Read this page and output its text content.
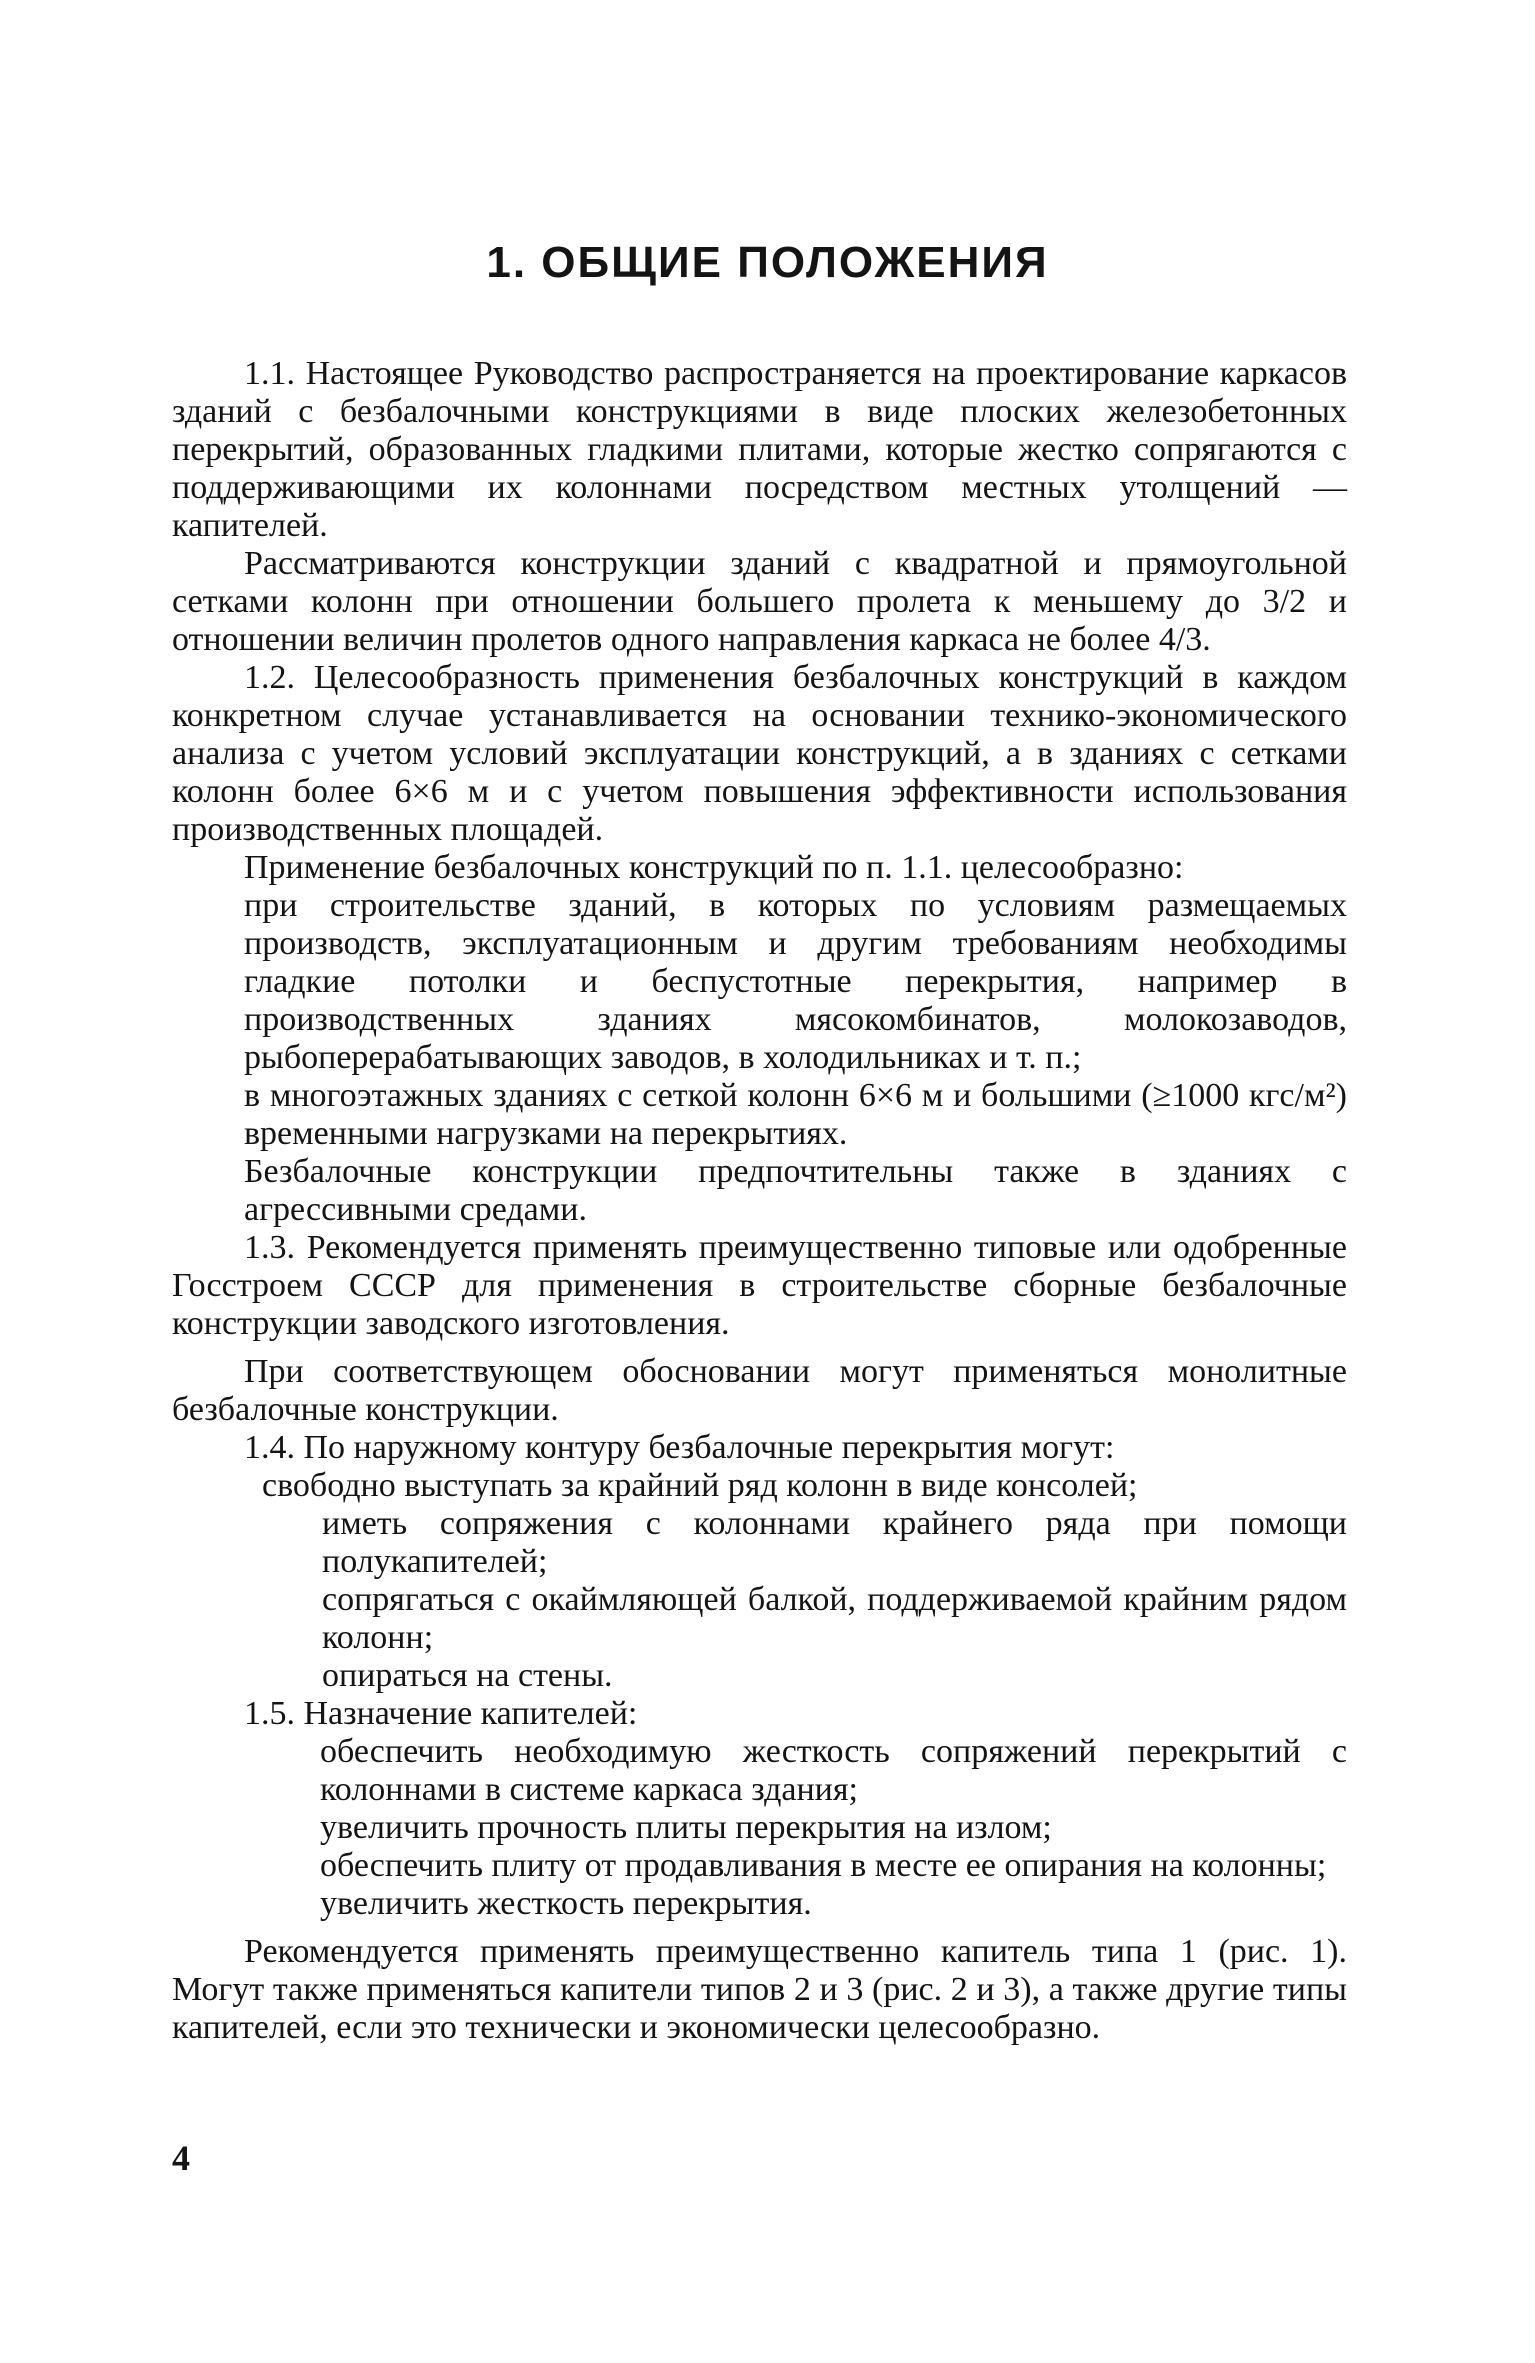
1. ОБЩИЕ ПОЛОЖЕНИЯ

1.1. Настоящее Руководство распространяется на проектирование каркасов зданий с безбалочными конструкциями в виде плоских железобетонных перекрытий, образованных гладкими плитами, которые жестко сопрягаются с поддерживающими их колоннами посредством местных утолщений — капителей.

Рассматриваются конструкции зданий с квадратной и прямоугольной сетками колонн при отношении большего пролета к меньшему до 3/2 и отношении величин пролетов одного направления каркаса не более 4/3.

1.2. Целесообразность применения безбалочных конструкций в каждом конкретном случае устанавливается на основании технико-экономического анализа с учетом условий эксплуатации конструкций, а в зданиях с сетками колонн более 6×6 м и с учетом повышения эффективности использования производственных площадей.

Применение безбалочных конструкций по п. 1.1. целесообразно:

при строительстве зданий, в которых по условиям размещаемых производств, эксплуатационным и другим требованиям необходимы гладкие потолки и беспустотные перекрытия, например в производственных зданиях мясокомбинатов, молокозаводов, рыбоперерабатывающих заводов, в холодильниках и т. п.;

в многоэтажных зданиях с сеткой колонн 6×6 м и большими (≥1000 кгс/м²) временными нагрузками на перекрытиях.

Безбалочные конструкции предпочтительны также в зданиях с агрессивными средами.

1.3. Рекомендуется применять преимущественно типовые или одобренные Госстроем СССР для применения в строительстве сборные безбалочные конструкции заводского изготовления.

При соответствующем обосновании могут применяться монолитные безбалочные конструкции.

1.4. По наружному контуру безбалочные перекрытия могут:

свободно выступать за крайний ряд колонн в виде консолей;

иметь сопряжения с колоннами крайнего ряда при помощи полукапителей;

сопрягаться с окаймляющей балкой, поддерживаемой крайним рядом колонн;

опираться на стены.

1.5. Назначение капителей:

обеспечить необходимую жесткость сопряжений перекрытий с колоннами в системе каркаса здания;

увеличить прочность плиты перекрытия на излом;

обеспечить плиту от продавливания в месте ее опирания на колонны;

увеличить жесткость перекрытия.

Рекомендуется применять преимущественно капитель типа 1 (рис. 1). Могут также применяться капители типов 2 и 3 (рис. 2 и 3), а также другие типы капителей, если это технически и экономически целесообразно.

4
